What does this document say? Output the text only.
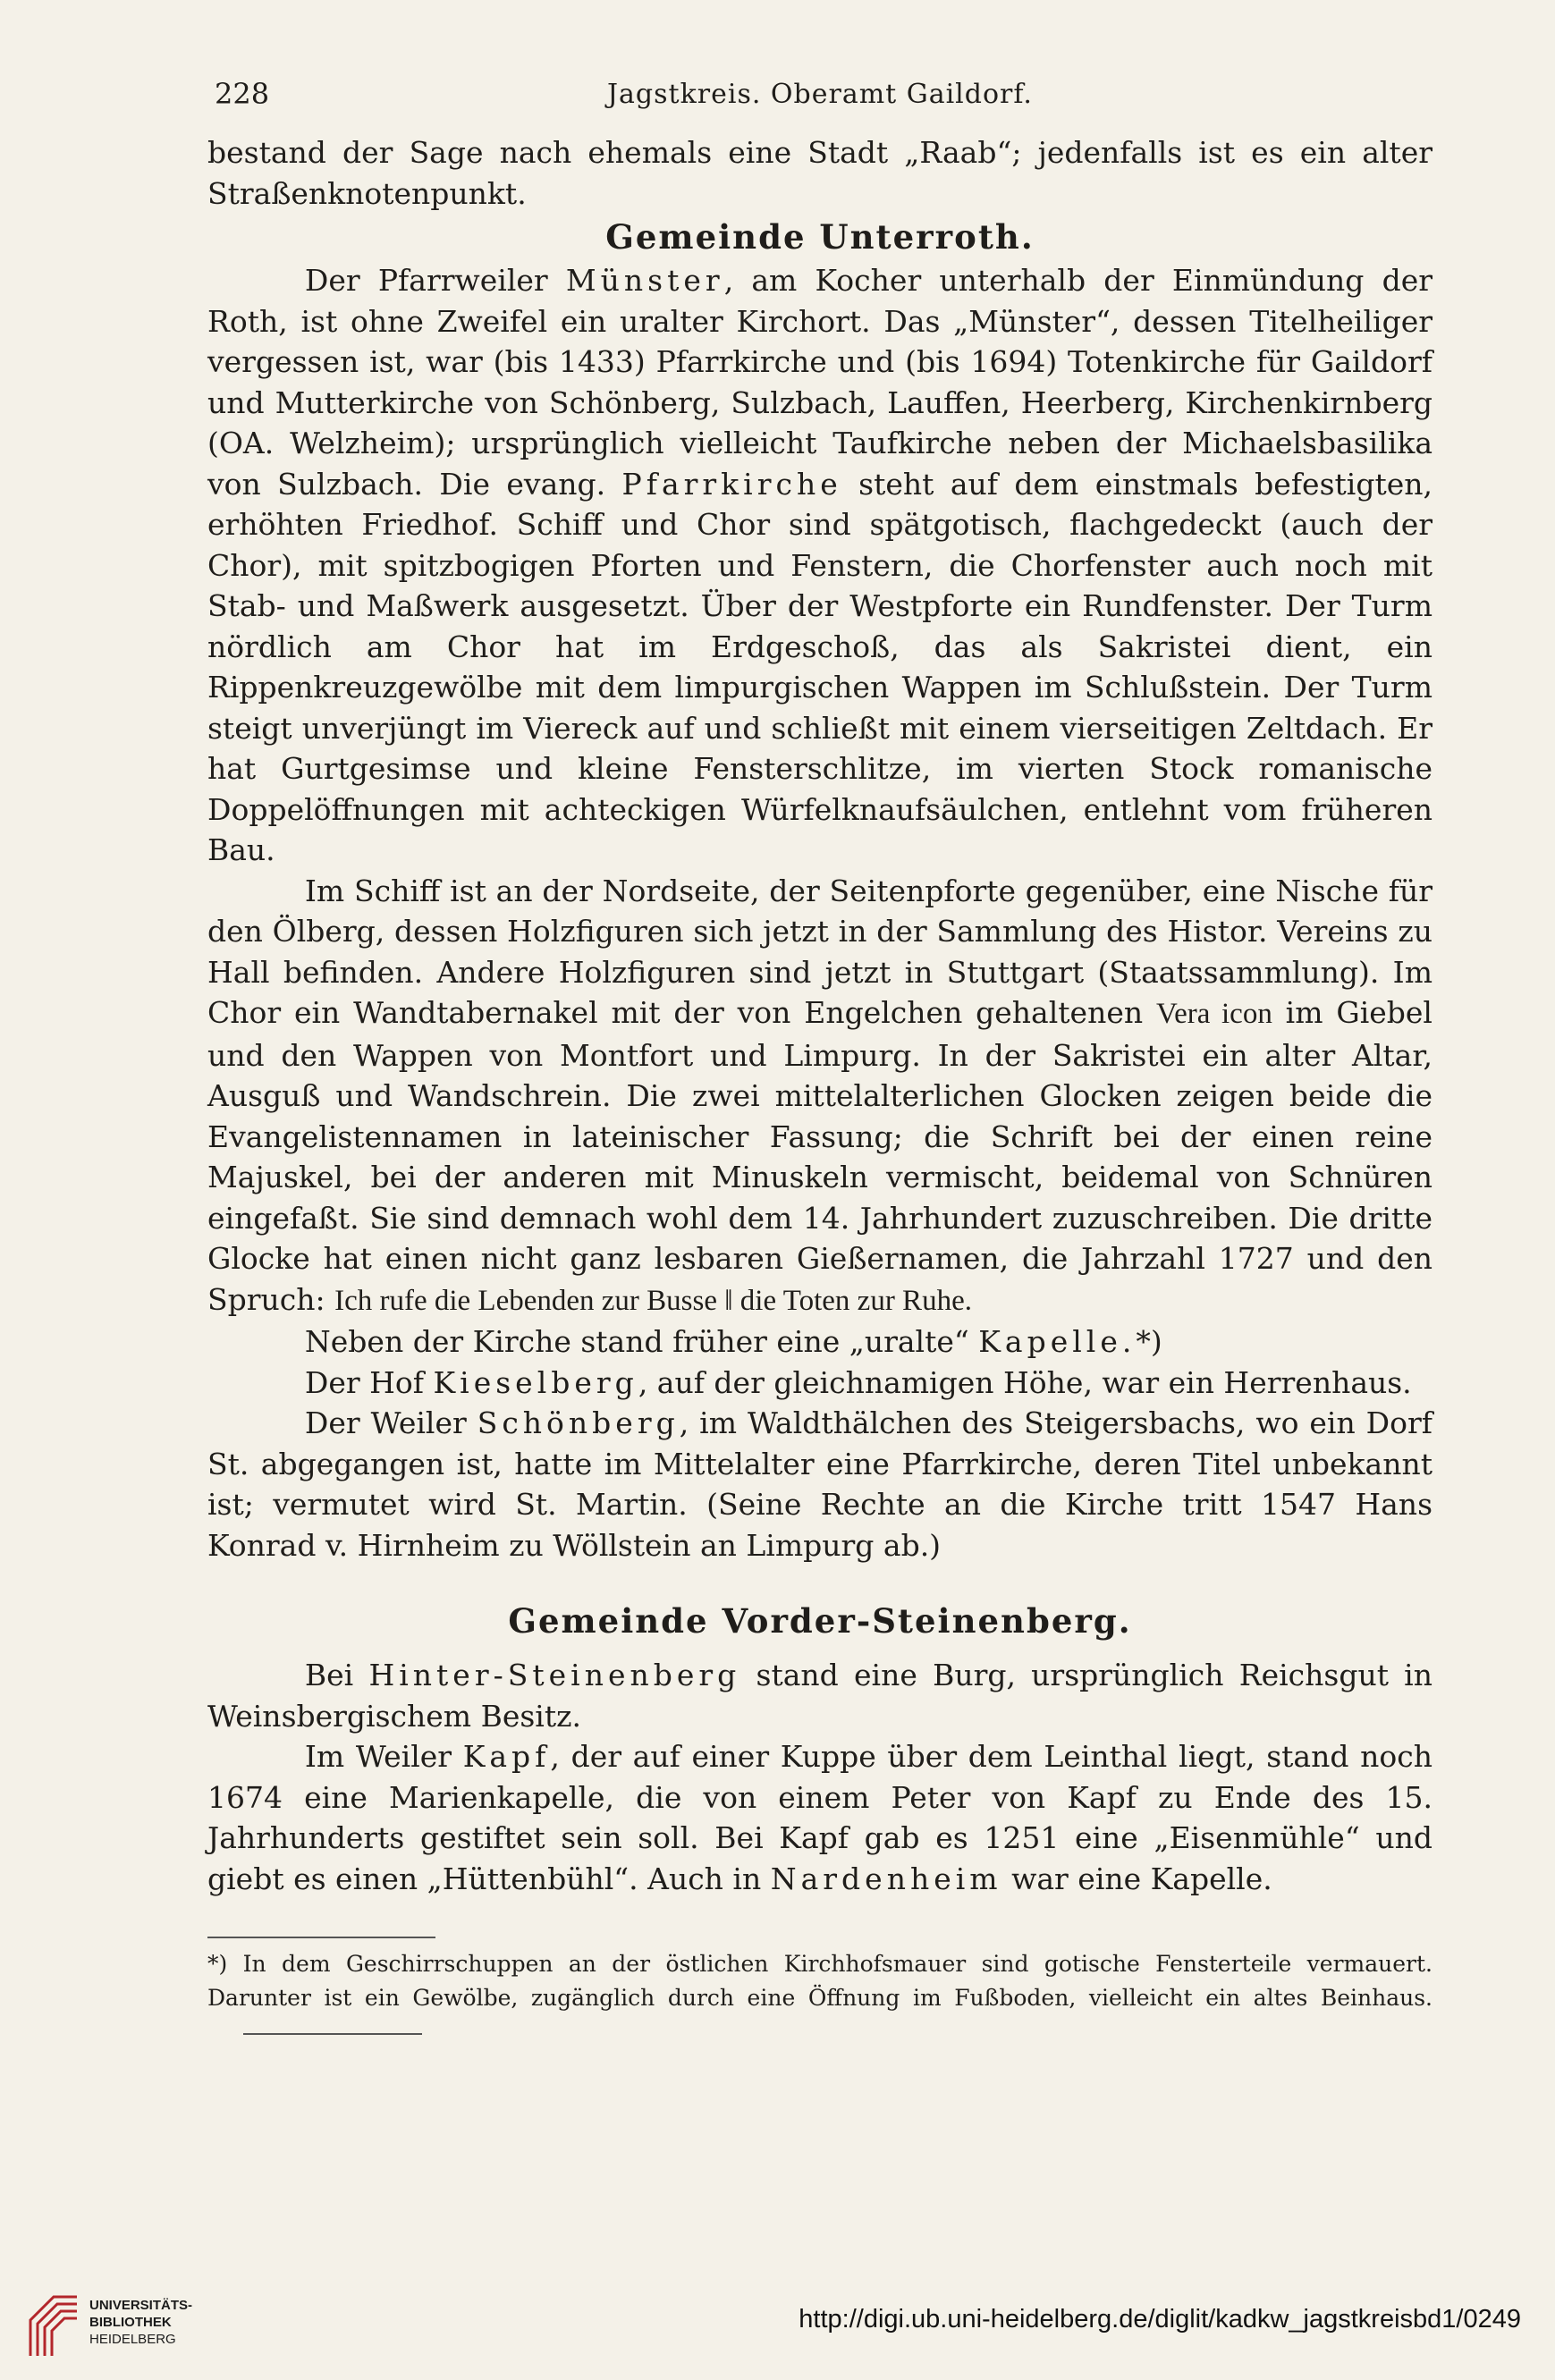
228	Jagstkreis. Oberamt Gaildorf.

bestand der Sage nach ehemals eine Stadt „Raab“; jedenfalls ist es ein alter Straßenknotenpunkt.

Gemeinde Unterroth.

Der Pfarrweiler Münster, am Kocher unterhalb der Einmündung der Roth, ist ohne Zweifel ein uralter Kirchort. Das „Münster“, dessen Titelheiliger vergessen ist, war (bis 1433) Pfarrkirche und (bis 1694) Totenkirche für Gaildorf und Mutterkirche von Schönberg, Sulzbach, Lauffen, Heerberg, Kirchenkirnberg (OA. Welzheim); ursprünglich vielleicht Taufkirche neben der Michaelsbasilika von Sulzbach. Die evang. Pfarrkirche steht auf dem einstmals befestigten, erhöhten Friedhof. Schiff und Chor sind spätgotisch, flachgedeckt (auch der Chor), mit spitzbogigen Pforten und Fenstern, die Chorfenster auch noch mit Stab- und Maßwerk ausgesetzt. Über der Westpforte ein Rundfenster. Der Turm nördlich am Chor hat im Erdgeschoß, das als Sakristei dient, ein Rippenkreuzgewölbe mit dem limpurgischen Wappen im Schlußstein. Der Turm steigt unverjüngt im Viereck auf und schließt mit einem vierseitigen Zeltdach. Er hat Gurtgesimse und kleine Fensterschlitze, im vierten Stock romanische Doppelöffnungen mit achteckigen Würfelknaufsäulchen, entlehnt vom früheren Bau.

Im Schiff ist an der Nordseite, der Seitenpforte gegenüber, eine Nische für den Ölberg, dessen Holzfiguren sich jetzt in der Sammlung des Histor. Vereins zu Hall befinden. Andere Holzfiguren sind jetzt in Stuttgart (Staatssammlung). Im Chor ein Wandtabernakel mit der von Engelchen gehaltenen Vera icon im Giebel und den Wappen von Montfort und Limpurg. In der Sakristei ein alter Altar, Ausguß und Wandschrein. Die zwei mittelalterlichen Glocken zeigen beide die Evangelistennamen in lateinischer Fassung; die Schrift bei der einen reine Majuskel, bei der anderen mit Minuskeln vermischt, beidemal von Schnüren eingefaßt. Sie sind demnach wohl dem 14. Jahrhundert zuzuschreiben. Die dritte Glocke hat einen nicht ganz lesbaren Gießernamen, die Jahrzahl 1727 und den Spruch: Ich rufe die Lebenden zur Busse ‖ die Toten zur Ruhe.

Neben der Kirche stand früher eine „uralte“ Kapelle.*)

Der Hof Kieselberg, auf der gleichnamigen Höhe, war ein Herrenhaus.

Der Weiler Schönberg, im Waldthälchen des Steigersbachs, wo ein Dorf St. abgegangen ist, hatte im Mittelalter eine Pfarrkirche, deren Titel unbekannt ist; vermutet wird St. Martin. (Seine Rechte an die Kirche tritt 1547 Hans Konrad v. Hirnheim zu Wöllstein an Limpurg ab.)

Gemeinde Vorder-Steinenberg.

Bei Hinter-Steinenberg stand eine Burg, ursprünglich Reichsgut in Weinsbergischem Besitz.

Im Weiler Kapf, der auf einer Kuppe über dem Leinthal liegt, stand noch 1674 eine Marienkapelle, die von einem Peter von Kapf zu Ende des 15. Jahrhunderts gestiftet sein soll. Bei Kapf gab es 1251 eine „Eisenmühle“ und giebt es einen „Hüttenbühl“. Auch in Nardenheim war eine Kapelle.

*) In dem Geschirrschuppen an der östlichen Kirchhofsmauer sind gotische Fensterteile vermauert. Darunter ist ein Gewölbe, zugänglich durch eine Öffnung im Fußboden, vielleicht ein altes Beinhaus.
UNIVERSITÄTS-
BIBLIOTHEK
HEIDELBERG
http://digi.ub.uni-heidelberg.de/diglit/kadkw_jagstkreisbd1/0249
